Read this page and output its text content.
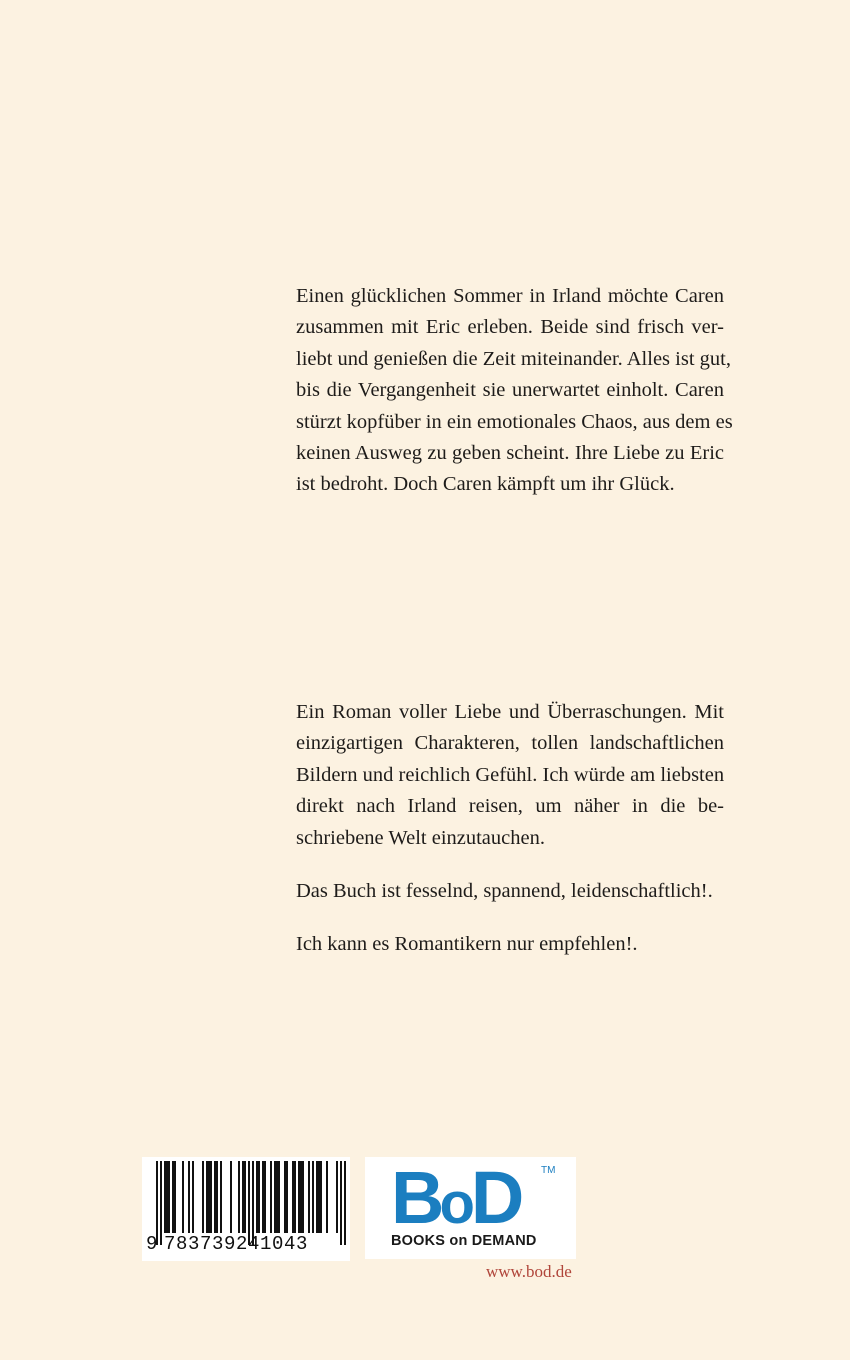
Einen glücklichen Sommer in Irland möchte Caren
zusammen mit Eric erleben. Beide sind frisch ver-
liebt und genießen die Zeit miteinander. Alles ist gut,
bis die Vergangenheit sie unerwartet einholt. Caren
stürzt kopfüber in ein emotionales Chaos, aus dem es
keinen Ausweg zu geben scheint. Ihre Liebe zu Eric
ist bedroht. Doch Caren kämpft um ihr Glück.

Ein Roman voller Liebe und Überraschungen. Mit
einzigartigen Charakteren, tollen landschaftlichen
Bildern und reichlich Gefühl. Ich würde am liebsten
direkt nach Irland reisen, um näher in die be-
schriebene Welt einzutauchen.

Das Buch ist fesselnd, spannend, leidenschaftlich!.

Ich kann es Romantikern nur empfehlen!.

9 783739241043
BoD TM
BOOKS on DEMAND
www.bod.de
